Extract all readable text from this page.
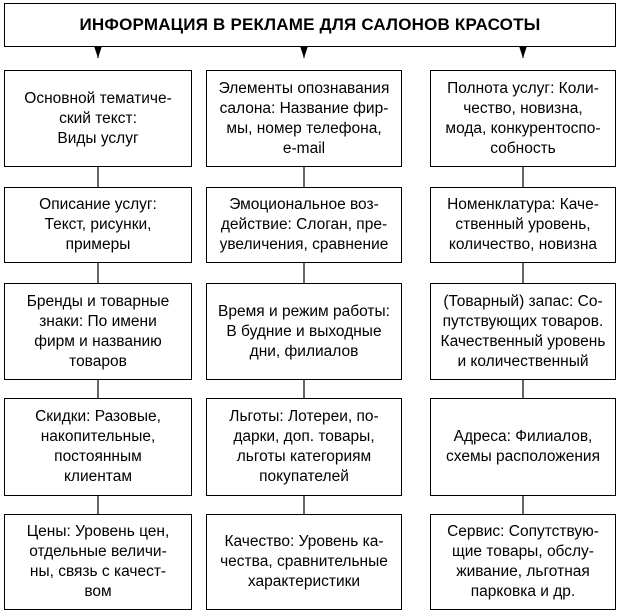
ИНФОРМАЦИЯ В РЕКЛАМЕ ДЛЯ САЛОНОВ КРАСОТЫ
Основной тематиче-
ский текст:
Виды услуг
Описание услуг:
Текст, рисунки,
примеры
Бренды и товарные
знаки: По имени
фирм и названию
товаров
Скидки: Разовые,
накопительные,
постоянным
клиентам
Цены: Уровень цен,
отдельные величи-
ны, связь с качест-
вом
Элементы опознавания
салона: Название фир-
мы, номер телефона,
e-mail
Эмоциональное воз-
действие: Слоган, пре-
увеличения, сравнение
Время и режим работы:
В будние и выходные
дни, филиалов
Льготы: Лотереи, по-
дарки, доп. товары,
льготы категориям
покупателей
Качество: Уровень ка-
чества, сравнительные
характеристики
Полнота услуг: Коли-
чество, новизна,
мода, конкурентоспо-
собность
Номенклатура: Каче-
ственный уровень,
количество, новизна
(Товарный) запас: Со-
путствующих товаров.
Качественный уровень
и количественный
Адреса: Филиалов,
схемы расположения
Сервис: Сопутствую-
щие товары, обслу-
живание, льготная
парковка и др.
